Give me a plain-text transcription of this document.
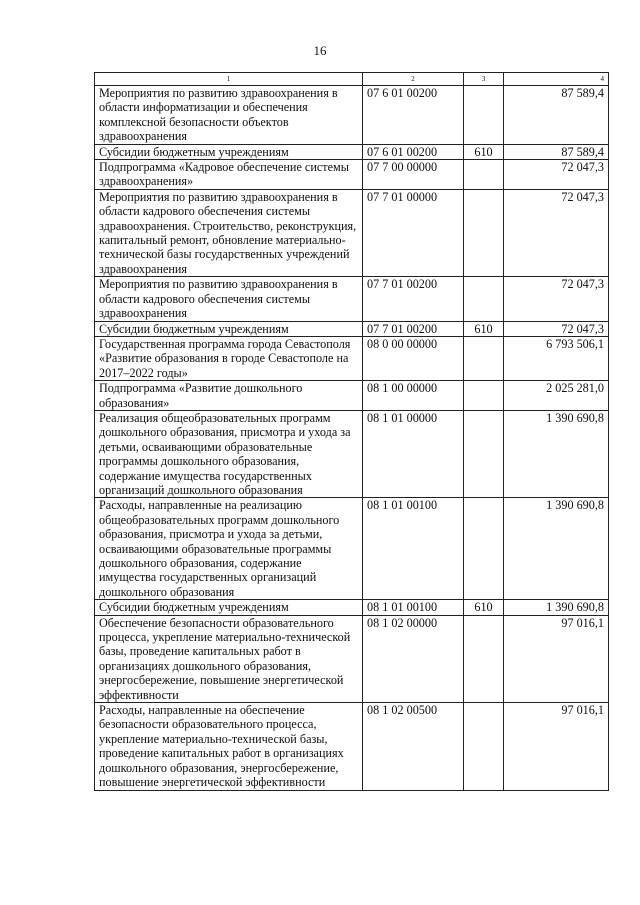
16
1	2	3	4
Мероприятия по развитию здравоохранения в области информатизации и обеспечения комплексной безопасности объектов здравоохранения	07 6 01 00200		87 589,4
Субсидии бюджетным учреждениям	07 6 01 00200	610	87 589,4
Подпрограмма «Кадровое обеспечение системы здравоохранения»	07 7 00 00000		72 047,3
Мероприятия по развитию здравоохранения в области кадрового обеспечения системы здравоохранения. Строительство, реконструкция, капитальный ремонт, обновление материально-технической базы государственных учреждений здравоохранения	07 7 01 00000		72 047,3
Мероприятия по развитию здравоохранения в области кадрового обеспечения системы здравоохранения	07 7 01 00200		72 047,3
Субсидии бюджетным учреждениям	07 7 01 00200	610	72 047,3
Государственная программа города Севастополя «Развитие образования в городе Севастополе на 2017–2022 годы»	08 0 00 00000		6 793 506,1
Подпрограмма «Развитие дошкольного образования»	08 1 00 00000		2 025 281,0
Реализация общеобразовательных программ дошкольного образования, присмотра и ухода за детьми, осваивающими образовательные программы дошкольного образования, содержание имущества государственных организаций дошкольного образования	08 1 01 00000		1 390 690,8
Расходы, направленные на реализацию общеобразовательных программ дошкольного образования, присмотра и ухода за детьми, осваивающими образовательные программы дошкольного образования, содержание имущества государственных организаций дошкольного образования	08 1 01 00100		1 390 690,8
Субсидии бюджетным учреждениям	08 1 01 00100	610	1 390 690,8
Обеспечение безопасности образовательного процесса, укрепление материально-технической базы, проведение капитальных работ в организациях дошкольного образования, энергосбережение, повышение энергетической эффективности	08 1 02 00000		97 016,1
Расходы, направленные на обеспечение безопасности образовательного процесса, укрепление материально-технической базы, проведение капитальных работ в организациях дошкольного образования, энергосбережение, повышение энергетической эффективности	08 1 02 00500		97 016,1
